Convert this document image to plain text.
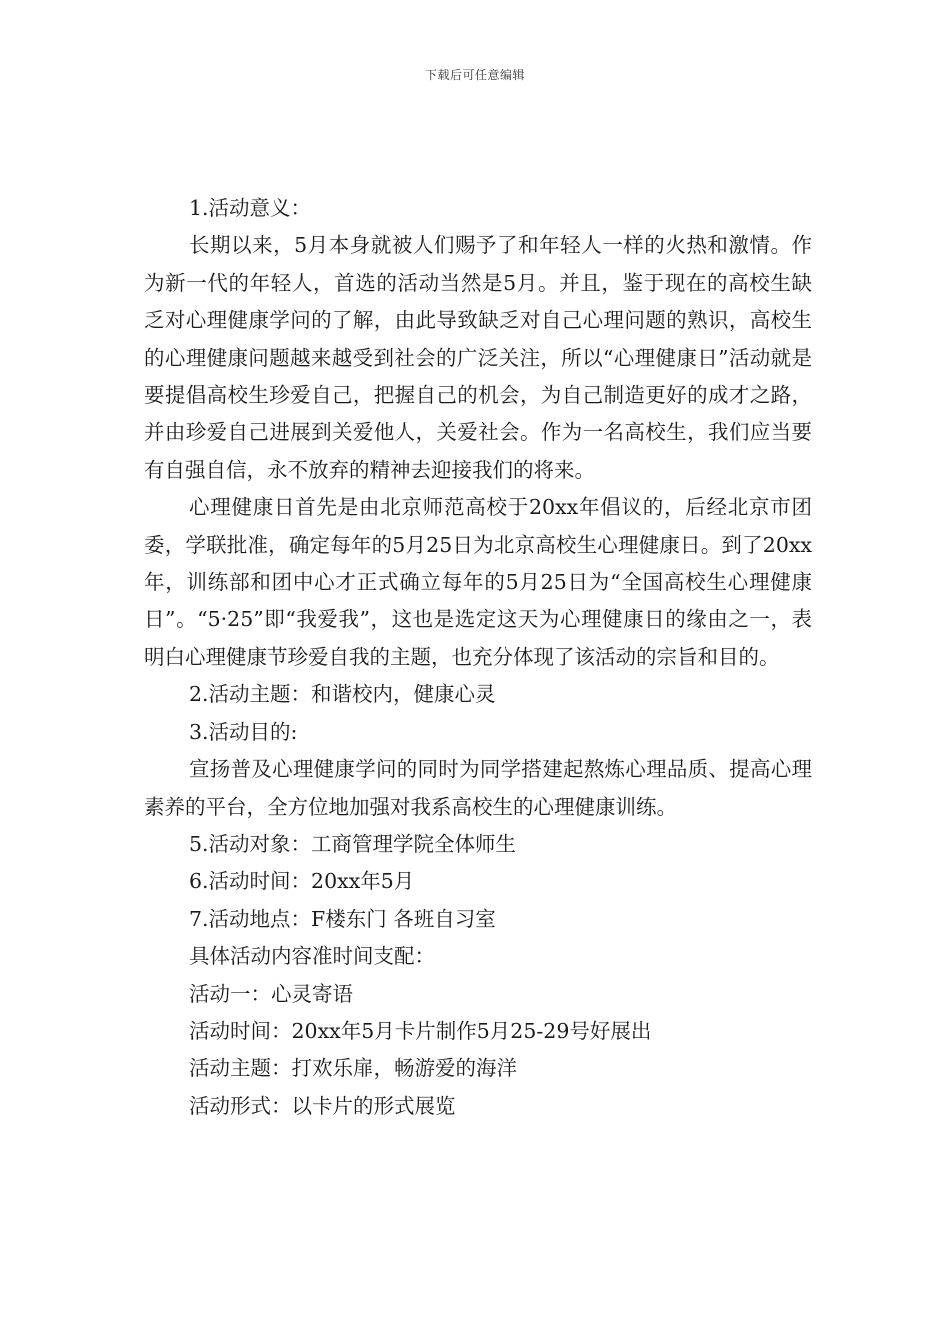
下载后可任意编辑

1.活动意义：

长期以来，5月本身就被人们赐予了和年轻人一样的火热和激情。作为新一代的年轻人，首选的活动当然是5月。并且，鉴于现在的高校生缺乏对心理健康学问的了解，由此导致缺乏对自己心理问题的熟识，高校生的心理健康问题越来越受到社会的广泛关注，所以“心理健康日”活动就是要提倡高校生珍爱自己，把握自己的机会，为自己制造更好的成才之路，并由珍爱自己进展到关爱他人，关爱社会。作为一名高校生，我们应当要有自强自信，永不放弃的精神去迎接我们的将来。

心理健康日首先是由北京师范高校于20xx年倡议的，后经北京市团委，学联批准，确定每年的5月25日为北京高校生心理健康日。到了20xx年，训练部和团中心才正式确立每年的5月25日为“全国高校生心理健康日”。“5·25”即“我爱我”，这也是选定这天为心理健康日的缘由之一，表明白心理健康节珍爱自我的主题，也充分体现了该活动的宗旨和目的。

2.活动主题：和谐校内，健康心灵

3.活动目的:

宣扬普及心理健康学问的同时为同学搭建起熬炼心理品质、提高心理素养的平台，全方位地加强对我系高校生的心理健康训练。

5.活动对象：工商管理学院全体师生

6.活动时间：20xx年5月

7.活动地点：F楼东门 各班自习室

具体活动内容准时间支配：

活动一：心灵寄语

活动时间：20xx年5月卡片制作5月25-29号好展出

活动主题：打欢乐扉，畅游爱的海洋

活动形式：以卡片的形式展览
